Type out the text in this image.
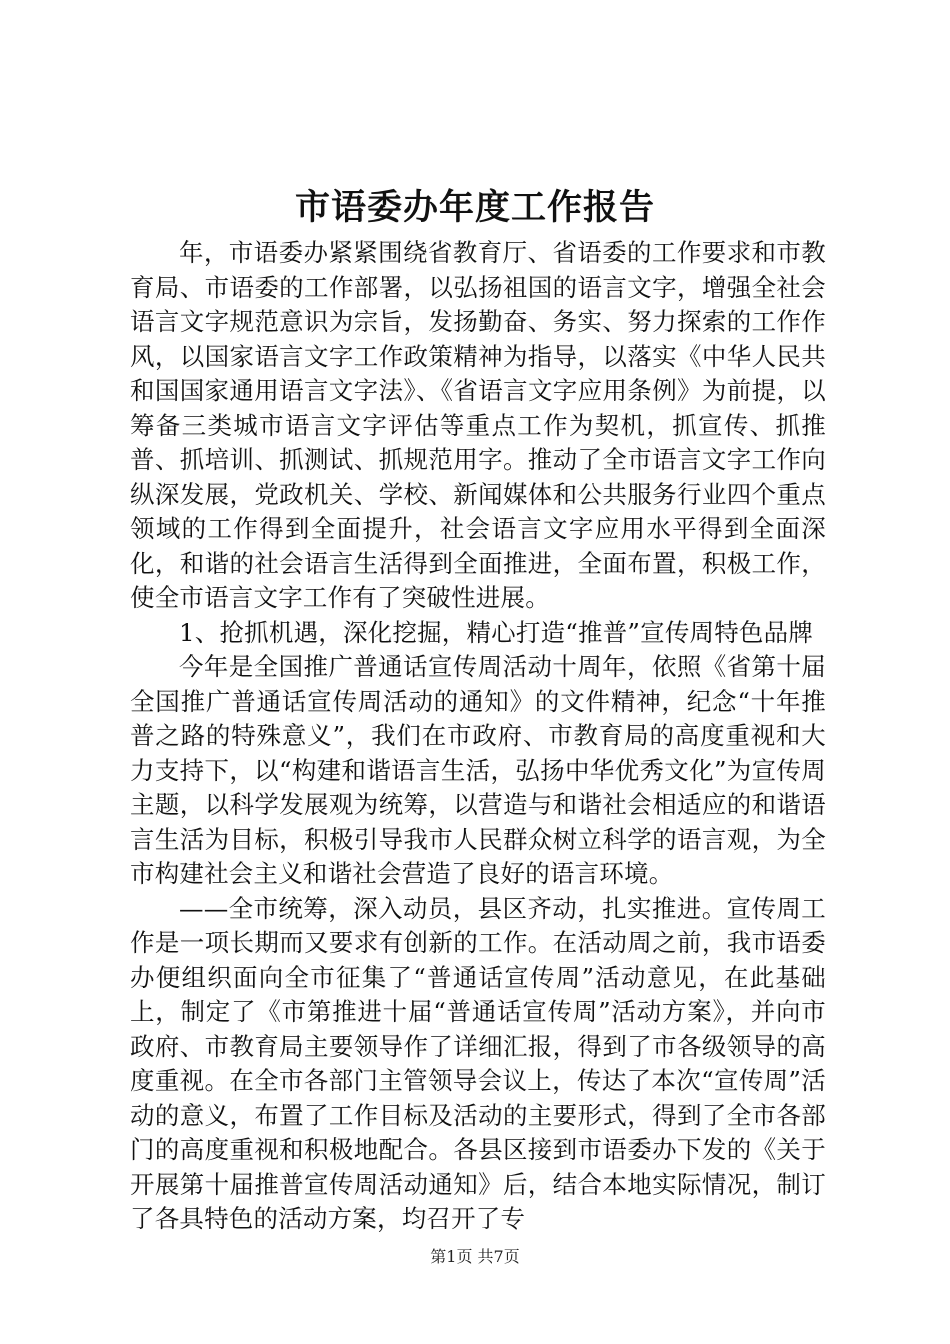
市语委办年度工作报告

年，市语委办紧紧围绕省教育厅、省语委的工作要求和市教育局、市语委的工作部署，以弘扬祖国的语言文字，增强全社会语言文字规范意识为宗旨，发扬勤奋、务实、努力探索的工作作风，以国家语言文字工作政策精神为指导，以落实《中华人民共和国国家通用语言文字法》、《省语言文字应用条例》为前提，以筹备三类城市语言文字评估等重点工作为契机，抓宣传、抓推普、抓培训、抓测试、抓规范用字。推动了全市语言文字工作向纵深发展，党政机关、学校、新闻媒体和公共服务行业四个重点领域的工作得到全面提升，社会语言文字应用水平得到全面深化，和谐的社会语言生活得到全面推进，全面布置，积极工作，使全市语言文字工作有了突破性进展。

1、抢抓机遇，深化挖掘，精心打造“推普”宣传周特色品牌

今年是全国推广普通话宣传周活动十周年，依照《省第十届全国推广普通话宣传周活动的通知》的文件精神，纪念“十年推普之路的特殊意义”，我们在市政府、市教育局的高度重视和大力支持下，以“构建和谐语言生活，弘扬中华优秀文化”为宣传周主题，以科学发展观为统筹，以营造与和谐社会相适应的和谐语言生活为目标，积极引导我市人民群众树立科学的语言观，为全市构建社会主义和谐社会营造了良好的语言环境。

——全市统筹，深入动员，县区齐动，扎实推进。宣传周工作是一项长期而又要求有创新的工作。在活动周之前，我市语委办便组织面向全市征集了“普通话宣传周”活动意见，在此基础上，制定了《市第推进十届“普通话宣传周”活动方案》，并向市政府、市教育局主要领导作了详细汇报，得到了市各级领导的高度重视。在全市各部门主管领导会议上，传达了本次“宣传周”活动的意义，布置了工作目标及活动的主要形式，得到了全市各部门的高度重视和积极地配合。各县区接到市语委办下发的《关于开展第十届推普宣传周活动通知》后，结合本地实际情况，制订了各具特色的活动方案，均召开了专

第1页 共7页
